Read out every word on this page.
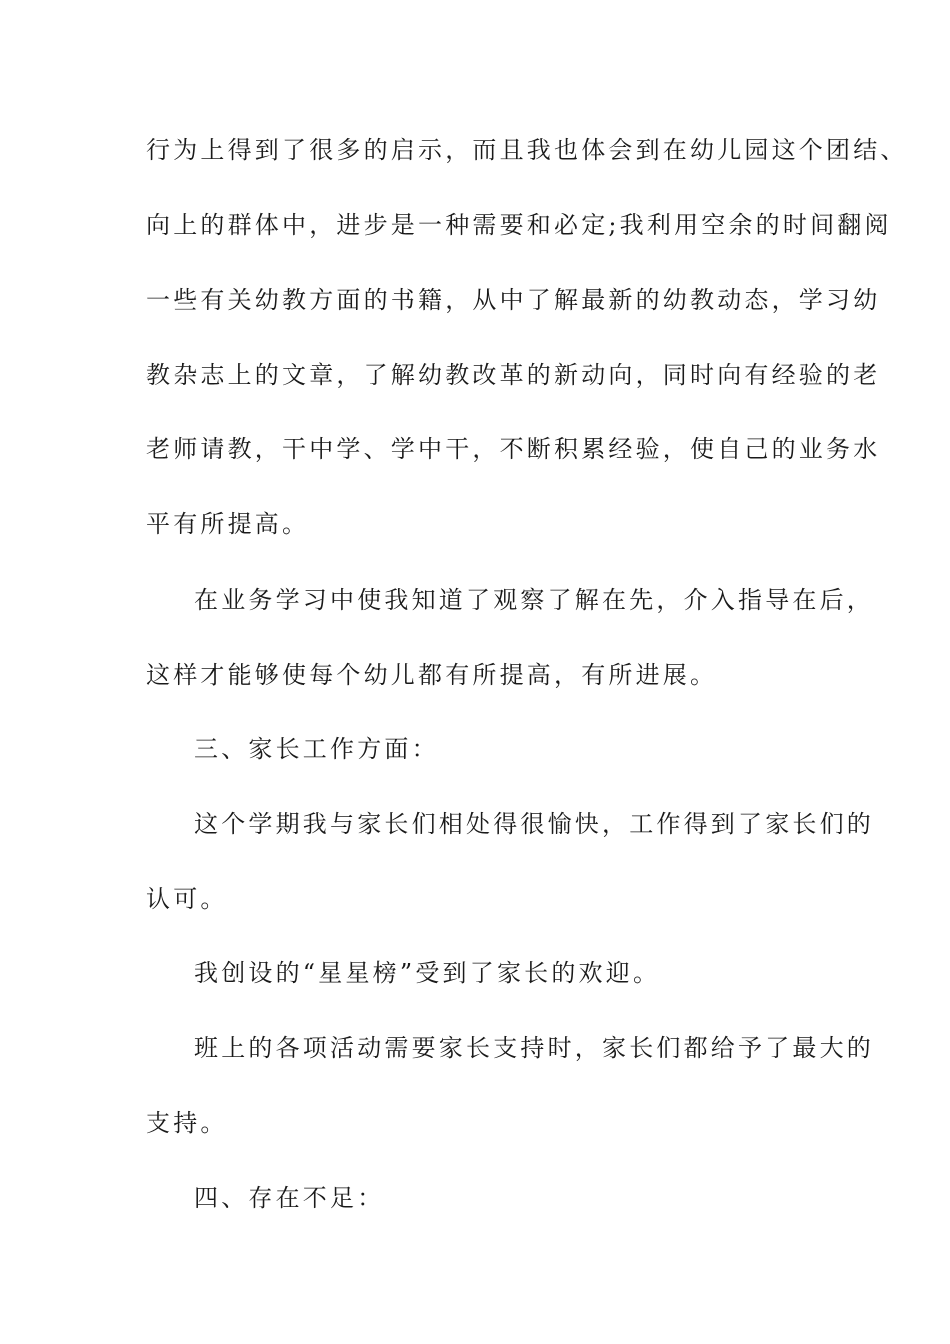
行为上得到了很多的启示，而且我也体会到在幼儿园这个团结、
向上的群体中，进步是一种需要和必定;我利用空余的时间翻阅
一些有关幼教方面的书籍，从中了解最新的幼教动态，学习幼
教杂志上的文章，了解幼教改革的新动向，同时向有经验的老
老师请教，干中学、学中干，不断积累经验，使自己的业务水
平有所提高。
在业务学习中使我知道了观察了解在先，介入指导在后，
这样才能够使每个幼儿都有所提高，有所进展。
三、家长工作方面：
这个学期我与家长们相处得很愉快，工作得到了家长们的
认可。
我创设的“星星榜”受到了家长的欢迎。
班上的各项活动需要家长支持时，家长们都给予了最大的
支持。
四、存在不足：
